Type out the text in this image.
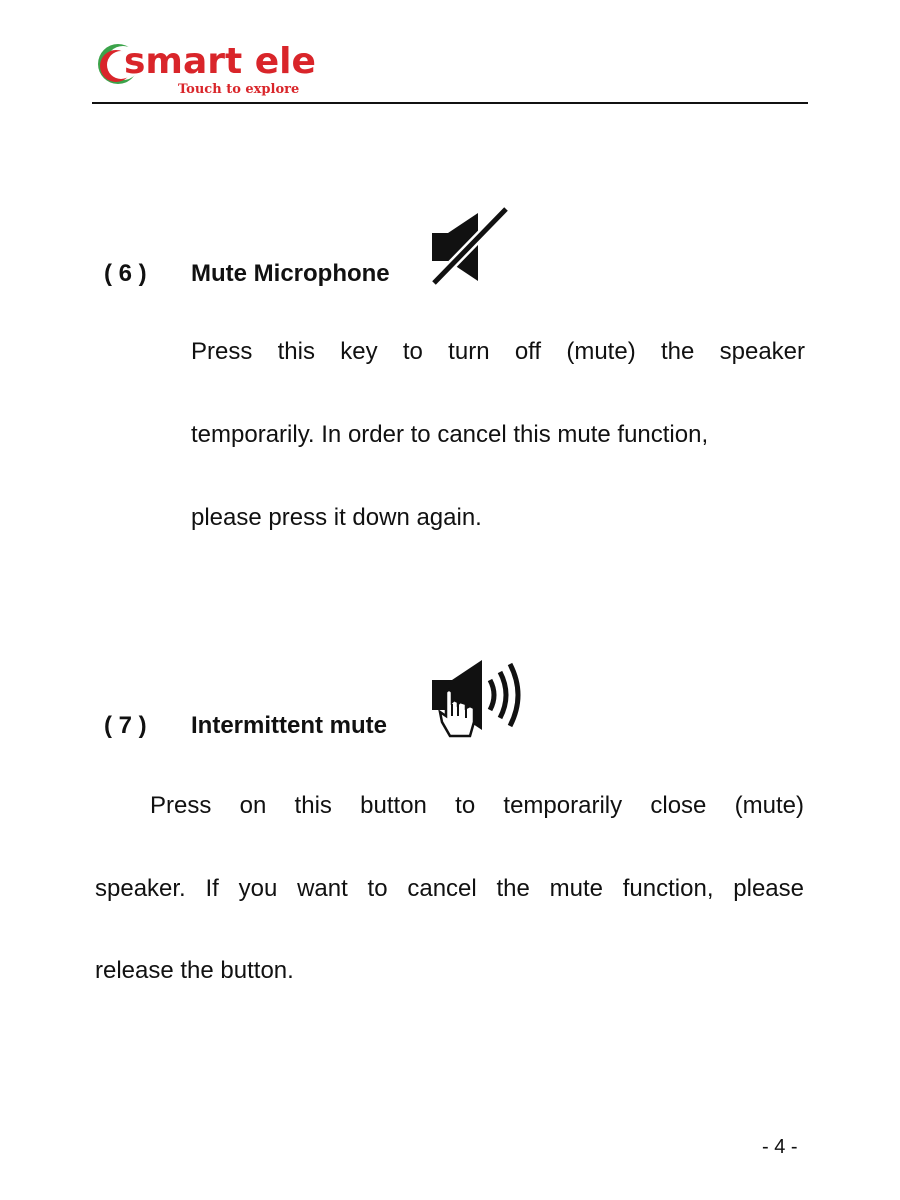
smart ele
Touch to explore
( 6 ) Mute Microphone
Press this key to turn off (mute) the speaker
temporarily. In order to cancel this mute function,
please press it down again.
( 7 ) Intermittent mute
Press on this button to temporarily close (mute)
speaker. If you want to cancel the mute function, please
release the button.
- 4 -
